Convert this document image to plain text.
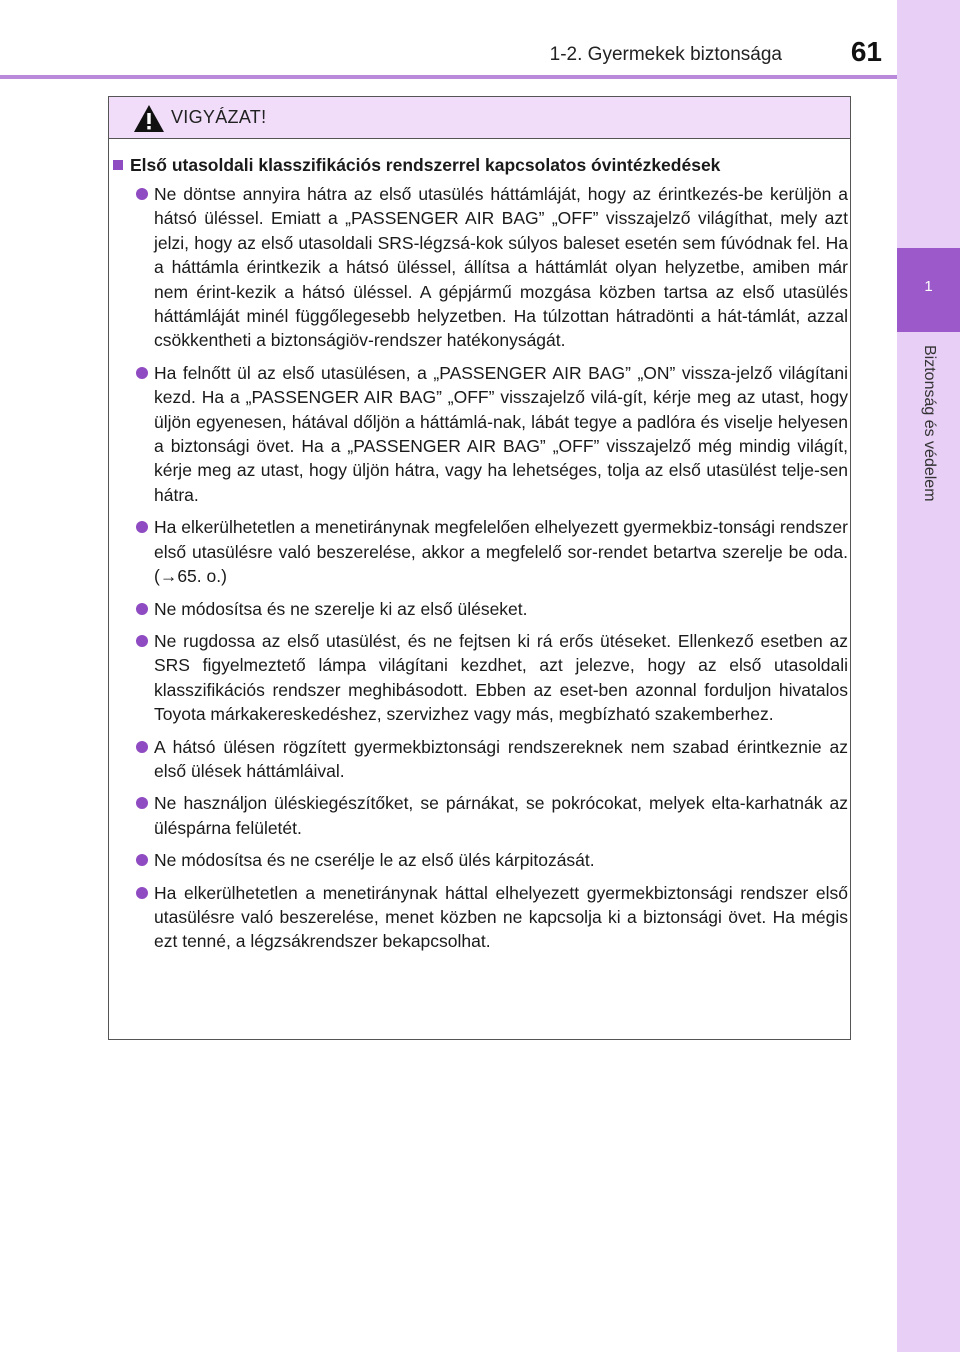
1-2. Gyermekek biztonsága 61
1
Biztonság és védelem
VIGYÁZAT!
Első utasoldali klasszifikációs rendszerrel kapcsolatos óvintézkedések
Ne döntse annyira hátra az első utasülés háttámláját, hogy az érintkezés-be kerüljön a hátsó üléssel. Emiatt a „PASSENGER AIR BAG” „OFF” visszajelző világíthat, mely azt jelzi, hogy az első utasoldali SRS-légzsá-kok súlyos baleset esetén sem fúvódnak fel. Ha a háttámla érintkezik a hátsó üléssel, állítsa a háttámlát olyan helyzetbe, amiben már nem érint-kezik a hátsó üléssel. A gépjármű mozgása közben tartsa az első utasülés háttámláját minél függőlegesebb helyzetben. Ha túlzottan hátradönti a hát-támlát, azzal csökkentheti a biztonságiöv-rendszer hatékonyságát.
Ha felnőtt ül az első utasülésen, a „PASSENGER AIR BAG” „ON” vissza-jelző világítani kezd. Ha a „PASSENGER AIR BAG” „OFF” visszajelző vilá-gít, kérje meg az utast, hogy üljön egyenesen, hátával dőljön a háttámlá-nak, lábát tegye a padlóra és viselje helyesen a biztonsági övet. Ha a „PASSENGER AIR BAG” „OFF” visszajelző még mindig világít, kérje meg az utast, hogy üljön hátra, vagy ha lehetséges, tolja az első utasülést telje-sen hátra.
Ha elkerülhetetlen a menetiránynak megfelelően elhelyezett gyermekbiz-tonsági rendszer első utasülésre való beszerelése, akkor a megfelelő sor-rendet betartva szerelje be oda. (→65. o.)
Ne módosítsa és ne szerelje ki az első üléseket.
Ne rugdossa az első utasülést, és ne fejtsen ki rá erős ütéseket. Ellenkező esetben az SRS figyelmeztető lámpa világítani kezdhet, azt jelezve, hogy az első utasoldali klasszifikációs rendszer meghibásodott. Ebben az eset-ben azonnal forduljon hivatalos Toyota márkakereskedéshez, szervizhez vagy más, megbízható szakemberhez.
A hátsó ülésen rögzített gyermekbiztonsági rendszereknek nem szabad érintkeznie az első ülések háttámláival.
Ne használjon üléskiegészítőket, se párnákat, se pokrócokat, melyek elta-karhatnák az üléspárna felületét.
Ne módosítsa és ne cserélje le az első ülés kárpitozását.
Ha elkerülhetetlen a menetiránynak háttal elhelyezett gyermekbiztonsági rendszer első utasülésre való beszerelése, menet közben ne kapcsolja ki a biztonsági övet. Ha mégis ezt tenné, a légzsákrendszer bekapcsolhat.
